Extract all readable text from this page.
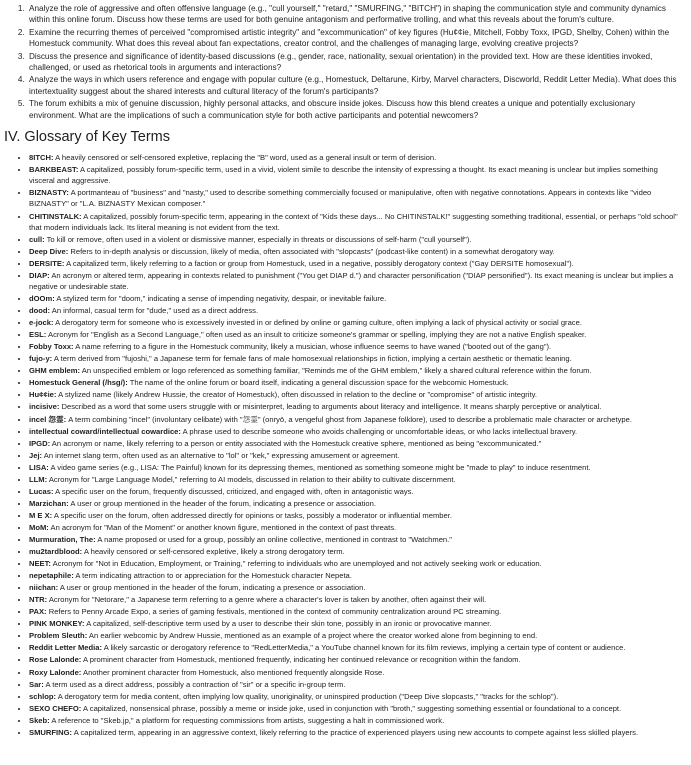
1. Analyze the role of aggressive and often offensive language (e.g., "cull yourself," "retard," "SMURFING," "BITCH") in shaping the communication style and community dynamics within this online forum. Discuss how these terms are used for both genuine antagonism and performative trolling, and what this reveals about the forum's culture.
2. Examine the recurring themes of perceived "compromised artistic integrity" and "excommunication" of key figures (Hu¢¢ie, Mitchell, Fobby Toxx, IPGD, Shelby, Cohen) within the Homestuck community. What does this reveal about fan expectations, creator control, and the challenges of managing large, evolving creative projects?
3. Discuss the presence and significance of identity-based discussions (e.g., gender, race, nationality, sexual orientation) in the provided text. How are these identities invoked, challenged, or used as rhetorical tools in arguments and interactions?
4. Analyze the ways in which users reference and engage with popular culture (e.g., Homestuck, Deltarune, Kirby, Marvel characters, Discworld, Reddit Letter Media). What does this intertextuality suggest about the shared interests and cultural literacy of the forum's participants?
5. The forum exhibits a mix of genuine discussion, highly personal attacks, and obscure inside jokes. Discuss how this blend creates a unique and potentially exclusionary environment. What are the implications of such a communication style for both active participants and potential newcomers?
IV. Glossary of Key Terms
• 8ITCH: A heavily censored or self-censored expletive, replacing the "B" word, used as a general insult or term of derision.
• BARKBEAST: A capitalized, possibly forum-specific term, used in a vivid, violent simile to describe the intensity of expressing a thought. Its exact meaning is unclear but implies something visceral and aggressive.
• BIZNASTY: A portmanteau of "business" and "nasty," used to describe something commercially focused or manipulative, often with negative connotations. Appears in contexts like "video BIZNASTY" or "L.A. BIZNASTY Mexican composer."
• CHITINSTALK: A capitalized, possibly forum-specific term, appearing in the context of "Kids these days... No CHITINSTALK!" suggesting something traditional, essential, or perhaps "old school" that modern individuals lack. Its literal meaning is not evident from the text.
• cull: To kill or remove, often used in a violent or dismissive manner, especially in threats or discussions of self-harm ("cull yourself").
• Deep Dive: Refers to in-depth analysis or discussion, likely of media, often associated with "slopcasts" (podcast-like content) in a somewhat derogatory way.
• DERSITE: A capitalized term, likely referring to a faction or group from Homestuck, used in a negative, possibly derogatory context ("Gay DERSITE homosexual").
• DIAP: An acronym or altered term, appearing in contexts related to punishment ("You get DIAP d.") and character personification ("DIAP personified"). Its exact meaning is unclear but implies a negative or undesirable state.
• dOOm: A stylized term for "doom," indicating a sense of impending negativity, despair, or inevitable failure.
• dood: An informal, casual term for "dude," used as a direct address.
• e-jock: A derogatory term for someone who is excessively invested in or defined by online or gaming culture, often implying a lack of physical activity or social grace.
• ESL: Acronym for "English as a Second Language," often used as an insult to criticize someone's grammar or spelling, implying they are not a native English speaker.
• Fobby Toxx: A name referring to a figure in the Homestuck community, likely a musician, whose influence seems to have waned ("booted out of the gang").
• fujo-y: A term derived from "fujoshi," a Japanese term for female fans of male homosexual relationships in fiction, implying a certain aesthetic or thematic leaning.
• GHM emblem: An unspecified emblem or logo referenced as something familiar, "Reminds me of the GHM emblem," likely a shared cultural reference within the forum.
• Homestuck General (/hsg/): The name of the online forum or board itself, indicating a general discussion space for the webcomic Homestuck.
• Hu¢¢ie: A stylized name (likely Andrew Hussie, the creator of Homestuck), often discussed in relation to the decline or "compromise" of artistic integrity.
• incisive: Described as a word that some users struggle with or misinterpret, leading to arguments about literacy and intelligence. It means sharply perceptive or analytical.
• incel 怨霊: A term combining "incel" (involuntary celibate) with "怨霊" (onryō, a vengeful ghost from Japanese folklore), used to describe a problematic male character or archetype.
• intellectual coward/intellectual cowardice: A phrase used to describe someone who avoids challenging or uncomfortable ideas, or who lacks intellectual bravery.
• IPGD: An acronym or name, likely referring to a person or entity associated with the Homestuck creative sphere, mentioned as being "excommunicated."
• Jej: An internet slang term, often used as an alternative to "lol" or "kek," expressing amusement or agreement.
• LISA: A video game series (e.g., LISA: The Painful) known for its depressing themes, mentioned as something someone might be "made to play" to induce resentment.
• LLM: Acronym for "Large Language Model," referring to AI models, discussed in relation to their ability to cultivate discernment.
• Lucas: A specific user on the forum, frequently discussed, criticized, and engaged with, often in antagonistic ways.
• Marzichan: A user or group mentioned in the header of the forum, indicating a presence or association.
• M E X: A specific user on the forum, often addressed directly for opinions or tasks, possibly a moderator or influential member.
• MoM: An acronym for "Man of the Moment" or another known figure, mentioned in the context of past threats.
• Murmuration, The: A name proposed or used for a group, possibly an online collective, mentioned in contrast to "Watchmen."
• mu2tardblood: A heavily censored or self-censored expletive, likely a strong derogatory term.
• NEET: Acronym for "Not in Education, Employment, or Training," referring to individuals who are unemployed and not actively seeking work or education.
• nepetaphile: A term indicating attraction to or appreciation for the Homestuck character Nepeta.
• niichan: A user or group mentioned in the header of the forum, indicating a presence or association.
• NTR: Acronym for "Netorare," a Japanese term referring to a genre where a character's lover is taken by another, often against their will.
• PAX: Refers to Penny Arcade Expo, a series of gaming festivals, mentioned in the context of community centralization around PC streaming.
• PINK MONKEY: A capitalized, self-descriptive term used by a user to describe their skin tone, possibly in an ironic or provocative manner.
• Problem Sleuth: An earlier webcomic by Andrew Hussie, mentioned as an example of a project where the creator worked alone from beginning to end.
• Reddit Letter Media: A likely sarcastic or derogatory reference to "RedLetterMedia," a YouTube channel known for its film reviews, implying a certain type of content or audience.
• Rose Lalonde: A prominent character from Homestuck, mentioned frequently, indicating her continued relevance or recognition within the fandom.
• Roxy Lalonde: Another prominent character from Homestuck, also mentioned frequently alongside Rose.
• Sar: A term used as a direct address, possibly a contraction of "sir" or a specific in-group term.
• schlop: A derogatory term for media content, often implying low quality, unoriginality, or uninspired production ("Deep Dive slopcasts," "tracks for the schlop").
• SEXO CHEFO: A capitalized, nonsensical phrase, possibly a meme or inside joke, used in conjunction with "broth," suggesting something essential or foundational to a concept.
• Skeb: A reference to "Skeb.jp," a platform for requesting commissions from artists, suggesting a halt in commissioned work.
• SMURFING: A capitalized term, appearing in an aggressive context, likely referring to the practice of experienced players using new accounts to compete against less skilled players.
